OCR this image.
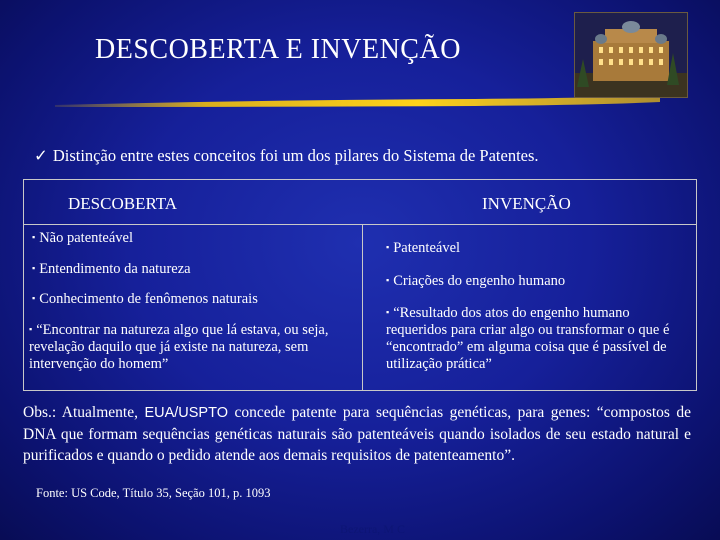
DESCOBERTA E INVENÇÃO
✓ Distinção entre estes conceitos foi um dos pilares do Sistema de Patentes.
DESCOBERTA	INVENÇÃO
▪ Não patenteável
▪ Entendimento da natureza
▪ Conhecimento de fenômenos naturais
▪ “Encontrar na natureza algo que lá estava, ou seja, revelação daquilo que já existe na natureza, sem intervenção do homem”
▪ Patenteável
▪ Criações do engenho humano
▪ “Resultado dos atos do engenho humano requeridos para criar algo ou transformar o que é “encontrado” em alguma coisa que é passível de utilização prática”
Obs.: Atualmente, EUA/USPTO concede patente para sequências genéticas, para genes: “compostos de DNA que formam sequências genéticas naturais são patenteáveis quando isolados de seu estado natural e purificados e quando o pedido atende aos demais requisitos de patenteamento”.
Fonte: US Code, Título 35, Seção 101, p. 1093
Bezerra, M C
